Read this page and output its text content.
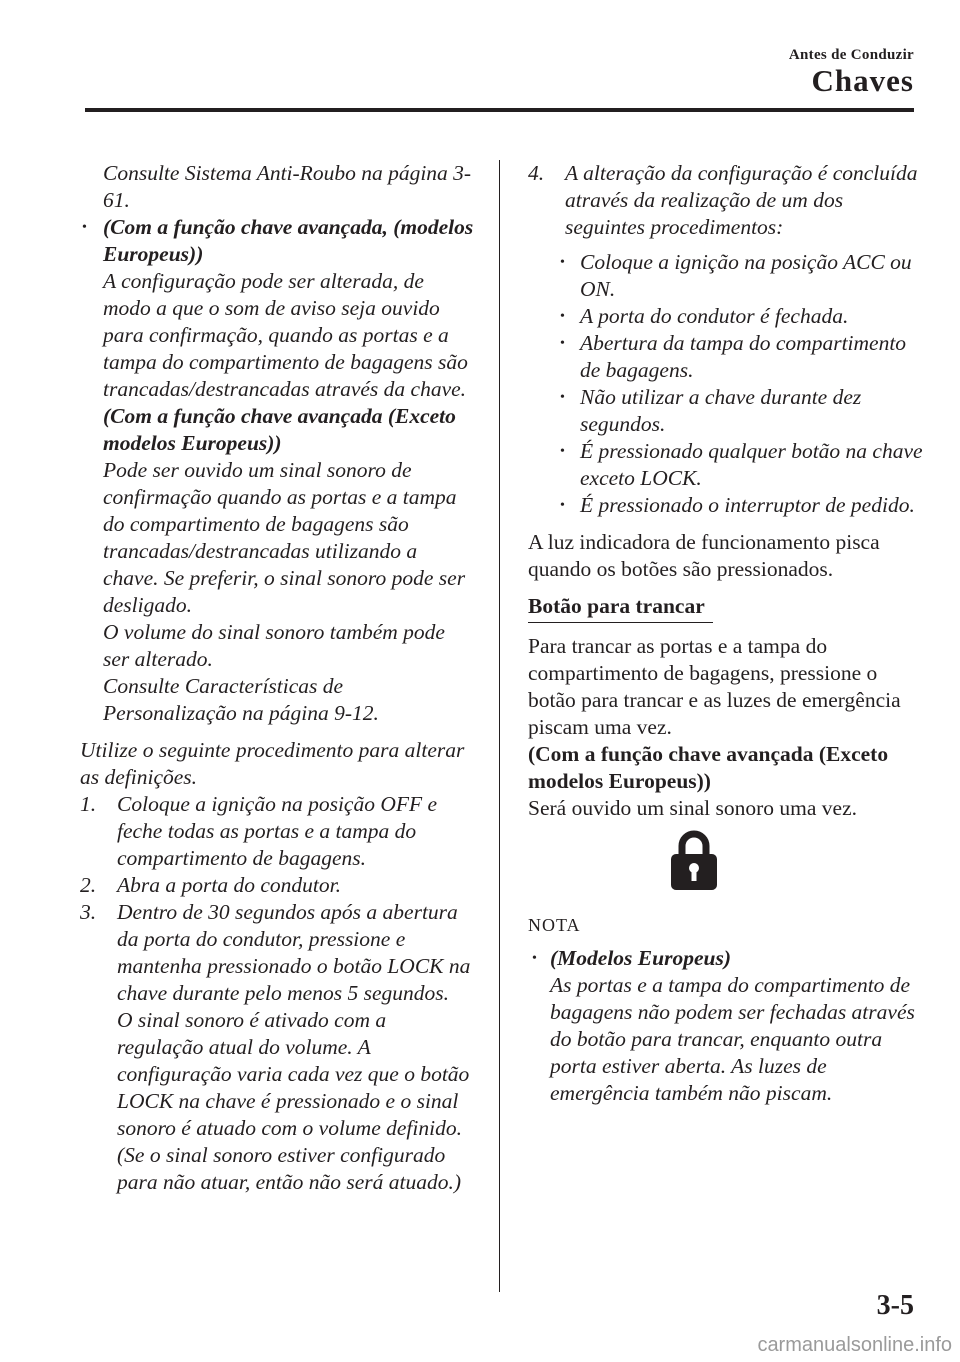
Antes de Conduzir
Chaves
Consulte Sistema Anti-Roubo na página 3-61.
• (Com a função chave avançada, (modelos Europeus))
A configuração pode ser alterada, de modo a que o som de aviso seja ouvido para confirmação, quando as portas e a tampa do compartimento de bagagens são trancadas/destrancadas através da chave.
(Com a função chave avançada (Exceto modelos Europeus))
Pode ser ouvido um sinal sonoro de confirmação quando as portas e a tampa do compartimento de bagagens são trancadas/destrancadas utilizando a chave. Se preferir, o sinal sonoro pode ser desligado.
O volume do sinal sonoro também pode ser alterado.
Consulte Características de Personalização na página 9-12.
Utilize o seguinte procedimento para alterar as definições.
1. Coloque a ignição na posição OFF e feche todas as portas e a tampa do compartimento de bagagens.
2. Abra a porta do condutor.
3. Dentro de 30 segundos após a abertura da porta do condutor, pressione e mantenha pressionado o botão LOCK na chave durante pelo menos 5 segundos.
O sinal sonoro é ativado com a regulação atual do volume. A configuração varia cada vez que o botão LOCK na chave é pressionado e o sinal sonoro é atuado com o volume definido. (Se o sinal sonoro estiver configurado para não atuar, então não será atuado.)
4. A alteração da configuração é concluída através da realização de um dos seguintes procedimentos:
• Coloque a ignição na posição ACC ou ON.
• A porta do condutor é fechada.
• Abertura da tampa do compartimento de bagagens.
• Não utilizar a chave durante dez segundos.
• É pressionado qualquer botão na chave exceto LOCK.
• É pressionado o interruptor de pedido.
A luz indicadora de funcionamento pisca quando os botões são pressionados.
Botão para trancar
Para trancar as portas e a tampa do compartimento de bagagens, pressione o botão para trancar e as luzes de emergência piscam uma vez.
(Com a função chave avançada (Exceto modelos Europeus))
Será ouvido um sinal sonoro uma vez.
NOTA
• (Modelos Europeus)
As portas e a tampa do compartimento de bagagens não podem ser fechadas através do botão para trancar, enquanto outra porta estiver aberta. As luzes de emergência também não piscam.
3-5
carmanualsonline.info
